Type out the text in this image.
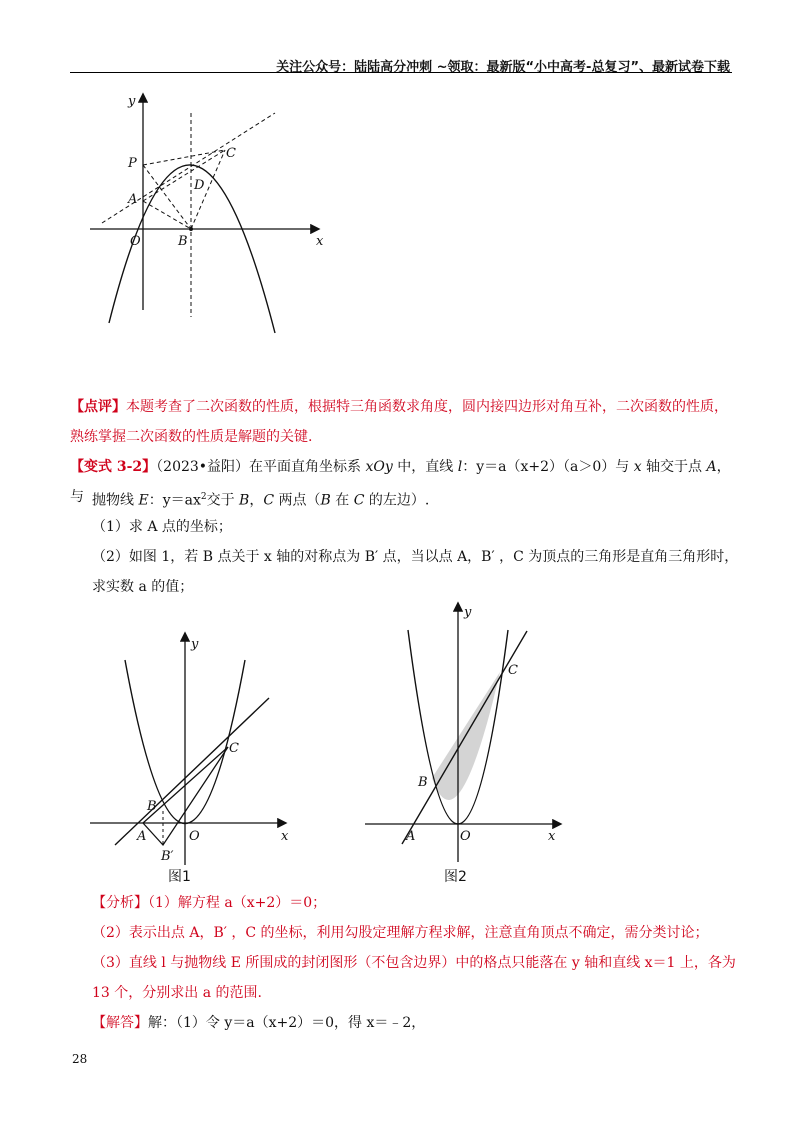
关注公众号：陆陆高分冲刺 ~领取：最新版“小中高考-总复习”、最新试卷下载
y
x
O	B
A
P
C
D
【点评】本题考查了二次函数的性质，根据特三角函数求角度，圆内接四边形对角互补，二次函数的性质，
熟练掌握二次函数的性质是解题的关键.
【变式 3-2】（2023•益阳）在平面直角坐标系 xOy 中，直线 l：y＝a（x+2）（a＞0）与 x 轴交于点 A，与 抛物线 E：$y=ax^2$交于 B，C 两点（B 在 C 的左边）.
（1）求 A 点的坐标；
（2）如图 1，若 B 点关于 x 轴的对称点为 B′ 点，当以点 A，B′ ，C 为顶点的三角形是直角三角形时，
求实数 a 的值；
y
x
O
A
B
B′
C
图1
y
x
O
A
B
C
图2
【分析】（1）解方程 a（x+2）＝0；
（2）表示出点 A，B′ ，C 的坐标，利用勾股定理解方程求解，注意直角顶点不确定，需分类讨论；
（3）直线 l 与抛物线 E 所围成的封闭图形（不包含边界）中的格点只能落在 y 轴和直线 x＝1 上，各为
13 个，分别求出 a 的范围.
【解答】解：（1）令 y＝a（x+2）＝0，得 x＝﹣2，
28
